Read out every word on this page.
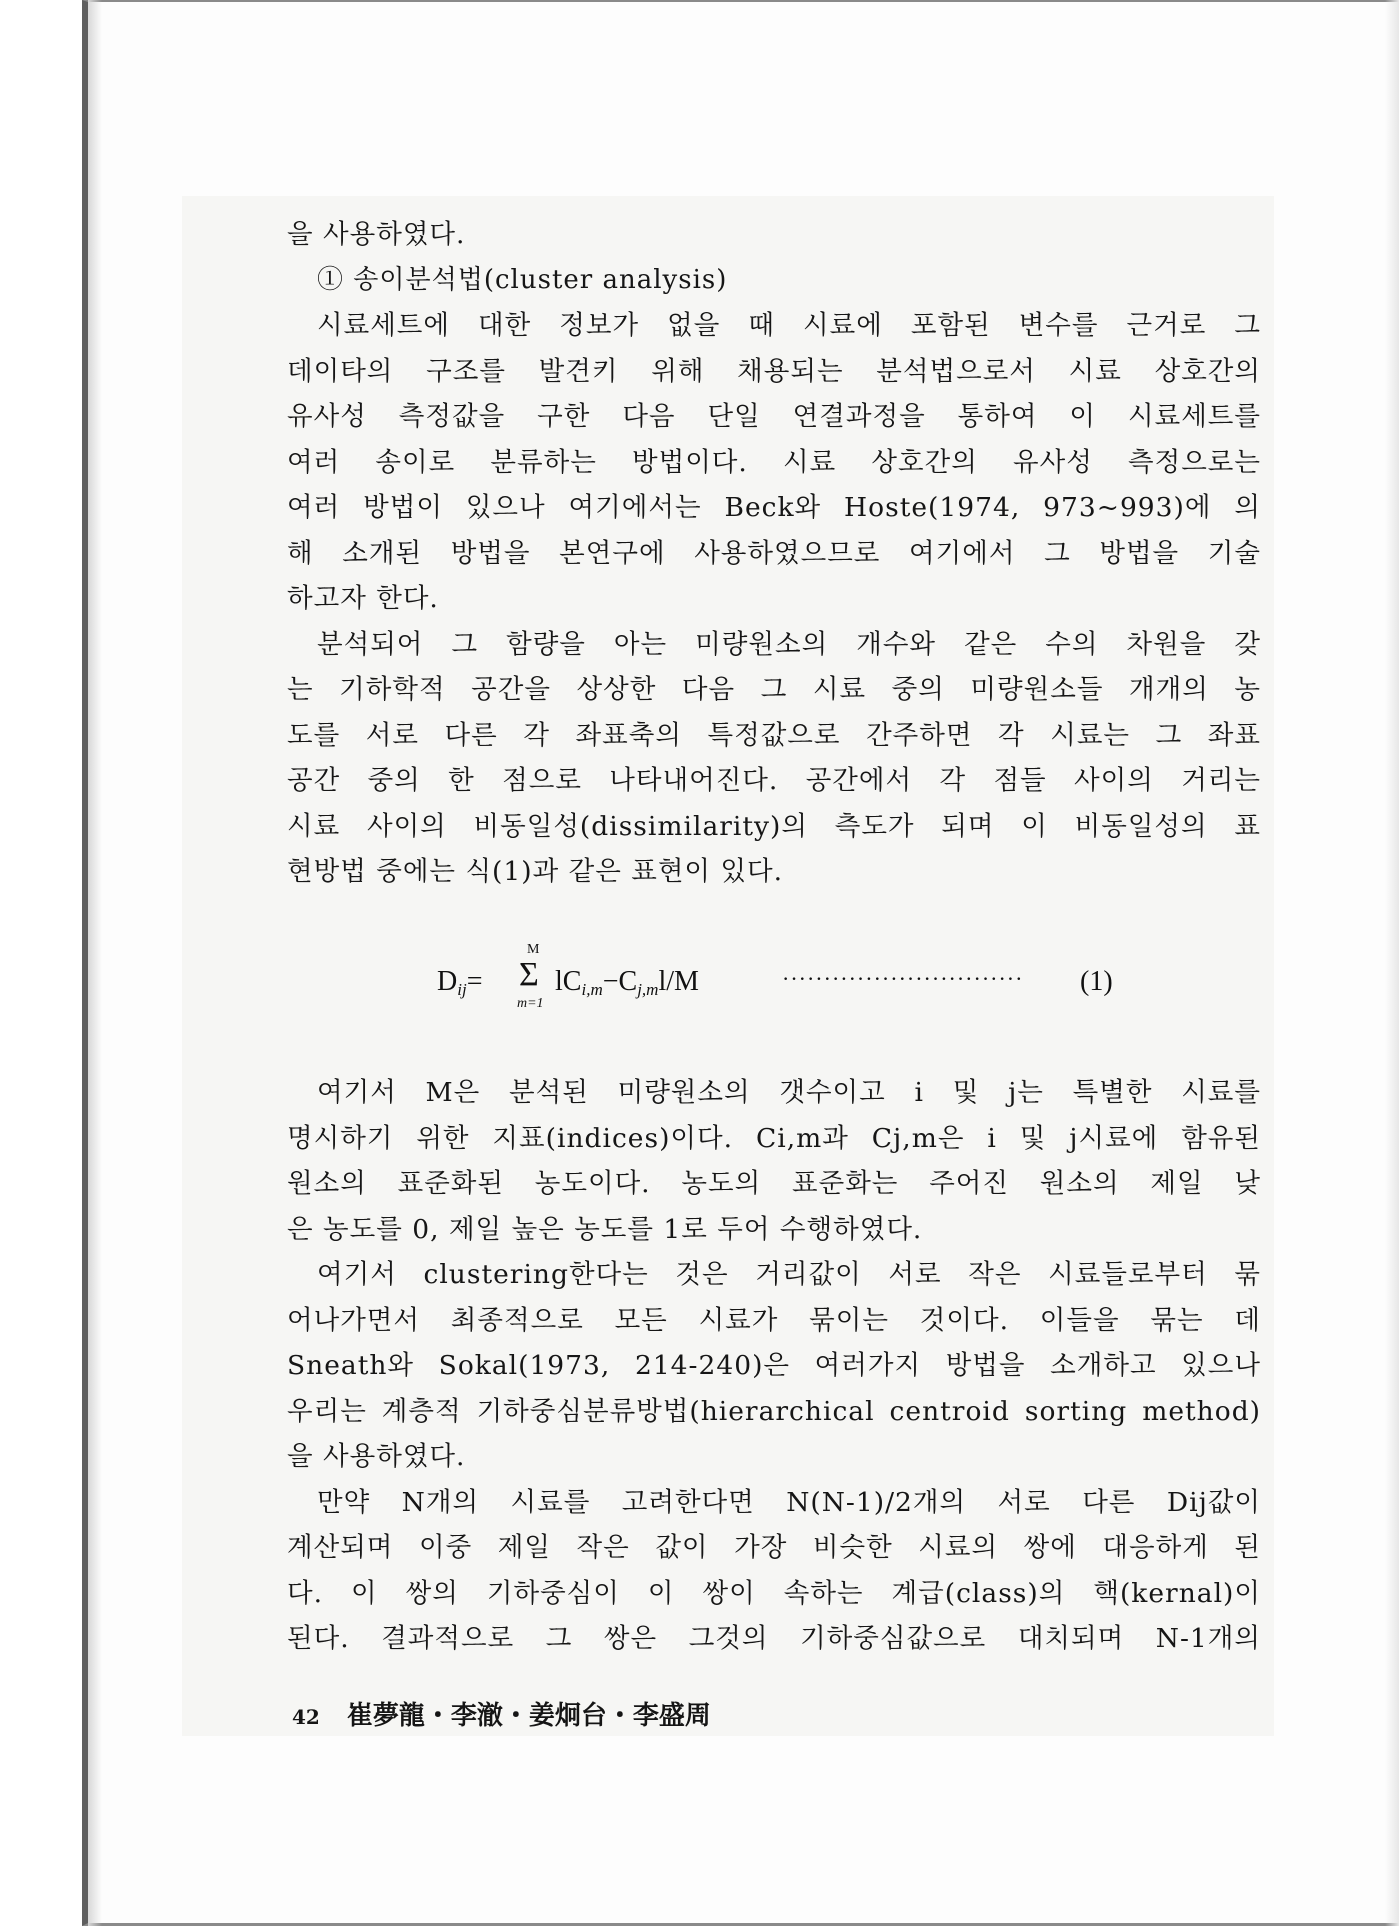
을 사용하였다.
① 송이분석법(cluster analysis)
시료세트에 대한 정보가 없을 때 시료에 포함된 변수를 근거로 그
데이타의 구조를 발견키 위해 채용되는 분석법으로서 시료 상호간의
유사성 측정값을 구한 다음 단일 연결과정을 통하여 이 시료세트를
여러 송이로 분류하는 방법이다. 시료 상호간의 유사성 측정으로는
여러 방법이 있으나 여기에서는 Beck와 Hoste(1974, 973~993)에 의
해 소개된 방법을 본연구에 사용하였으므로 여기에서 그 방법을 기술
하고자 한다.
분석되어 그 함량을 아는 미량원소의 개수와 같은 수의 차원을 갖
는 기하학적 공간을 상상한 다음 그 시료 중의 미량원소들 개개의 농
도를 서로 다른 각 좌표축의 특정값으로 간주하면 각 시료는 그 좌표
공간 중의 한 점으로 나타내어진다. 공간에서 각 점들 사이의 거리는
시료 사이의 비동일성(dissimilarity)의 측도가 되며 이 비동일성의 표
현방법 중에는 식(1)과 같은 표현이 있다.
$D_{ij}=$
M
Σ
m=1
$lC_{i,m}-C_{j,m}l/M$	····························· (1)
여기서 M은 분석된 미량원소의 갯수이고 i 및 j는 특별한 시료를
명시하기 위한 지표(indices)이다. Ci,m과 Cj,m은 i 및 j시료에 함유된
원소의 표준화된 농도이다. 농도의 표준화는 주어진 원소의 제일 낮
은 농도를 0, 제일 높은 농도를 1로 두어 수행하였다.
여기서 clustering한다는 것은 거리값이 서로 작은 시료들로부터 묶
어나가면서 최종적으로 모든 시료가 묶이는 것이다. 이들을 묶는 데
Sneath와 Sokal(1973, 214-240)은 여러가지 방법을 소개하고 있으나
우리는 계층적 기하중심분류방법(hierarchical centroid sorting method)
을 사용하였다.
만약 N개의 시료를 고려한다면 N(N-1)/2개의 서로 다른 Dij값이
계산되며 이중 제일 작은 값이 가장 비슷한 시료의 쌍에 대응하게 된
다. 이 쌍의 기하중심이 이 쌍이 속하는 계급(class)의 핵(kernal)이
된다. 결과적으로 그 쌍은 그것의 기하중심값으로 대치되며 N-1개의
42 崔夢龍・李澈・姜炯台・李盛周
